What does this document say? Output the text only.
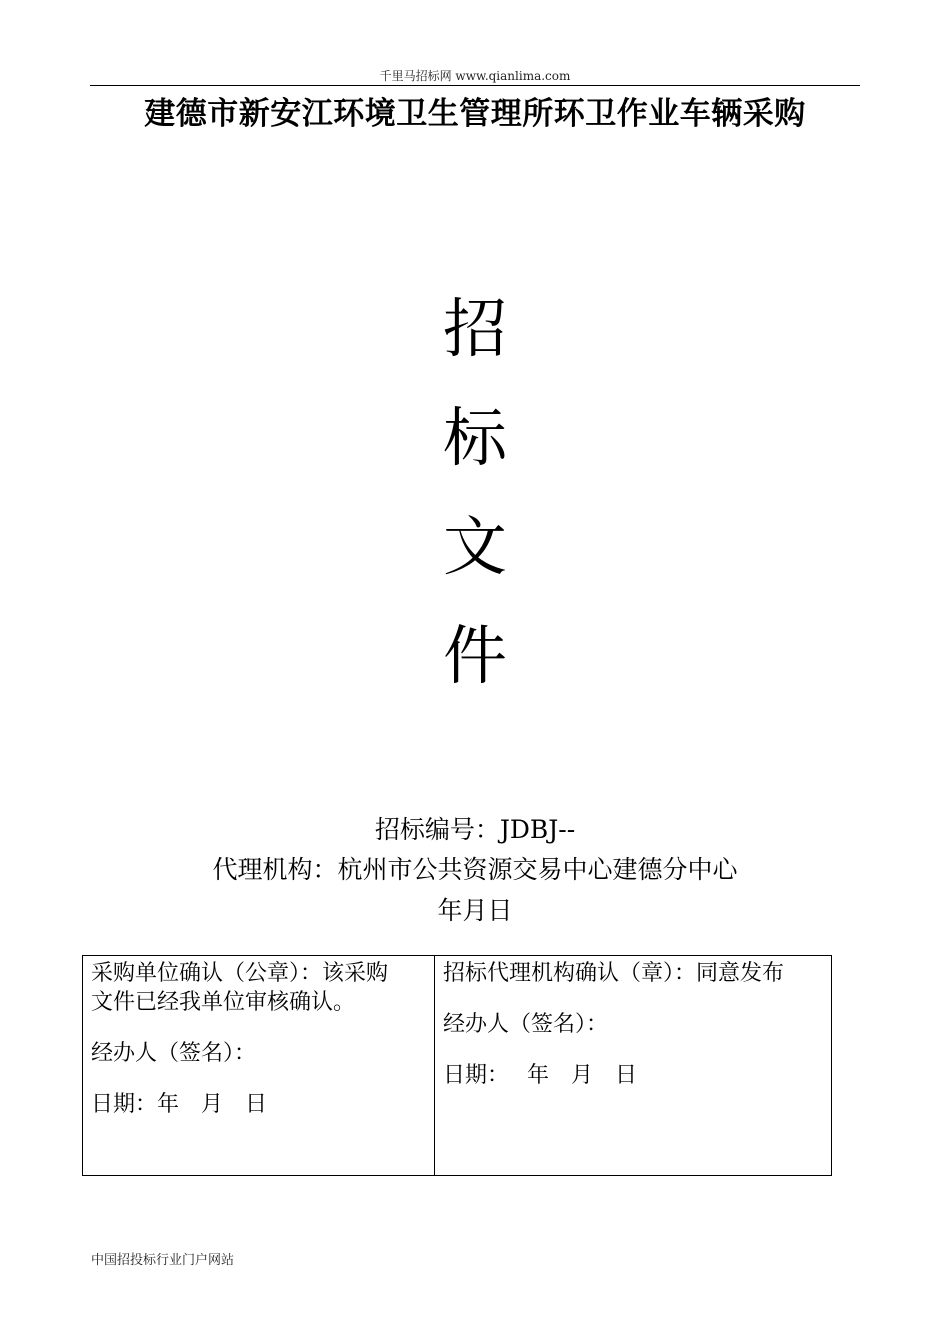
千里马招标网 www.qianlima.com
建德市新安江环境卫生管理所环卫作业车辆采购
招
标
文
件
招标编号：JDBJ--
代理机构：杭州市公共资源交易中心建德分中心
年月日
采购单位确认（公章）：该采购
文件已经我单位审核确认。
经办人（签名）：
日期：年　月　日

招标代理机构确认（章）：同意发布
经办人（签名）：
日期：　 年　月　日
中国招投标行业门户网站
